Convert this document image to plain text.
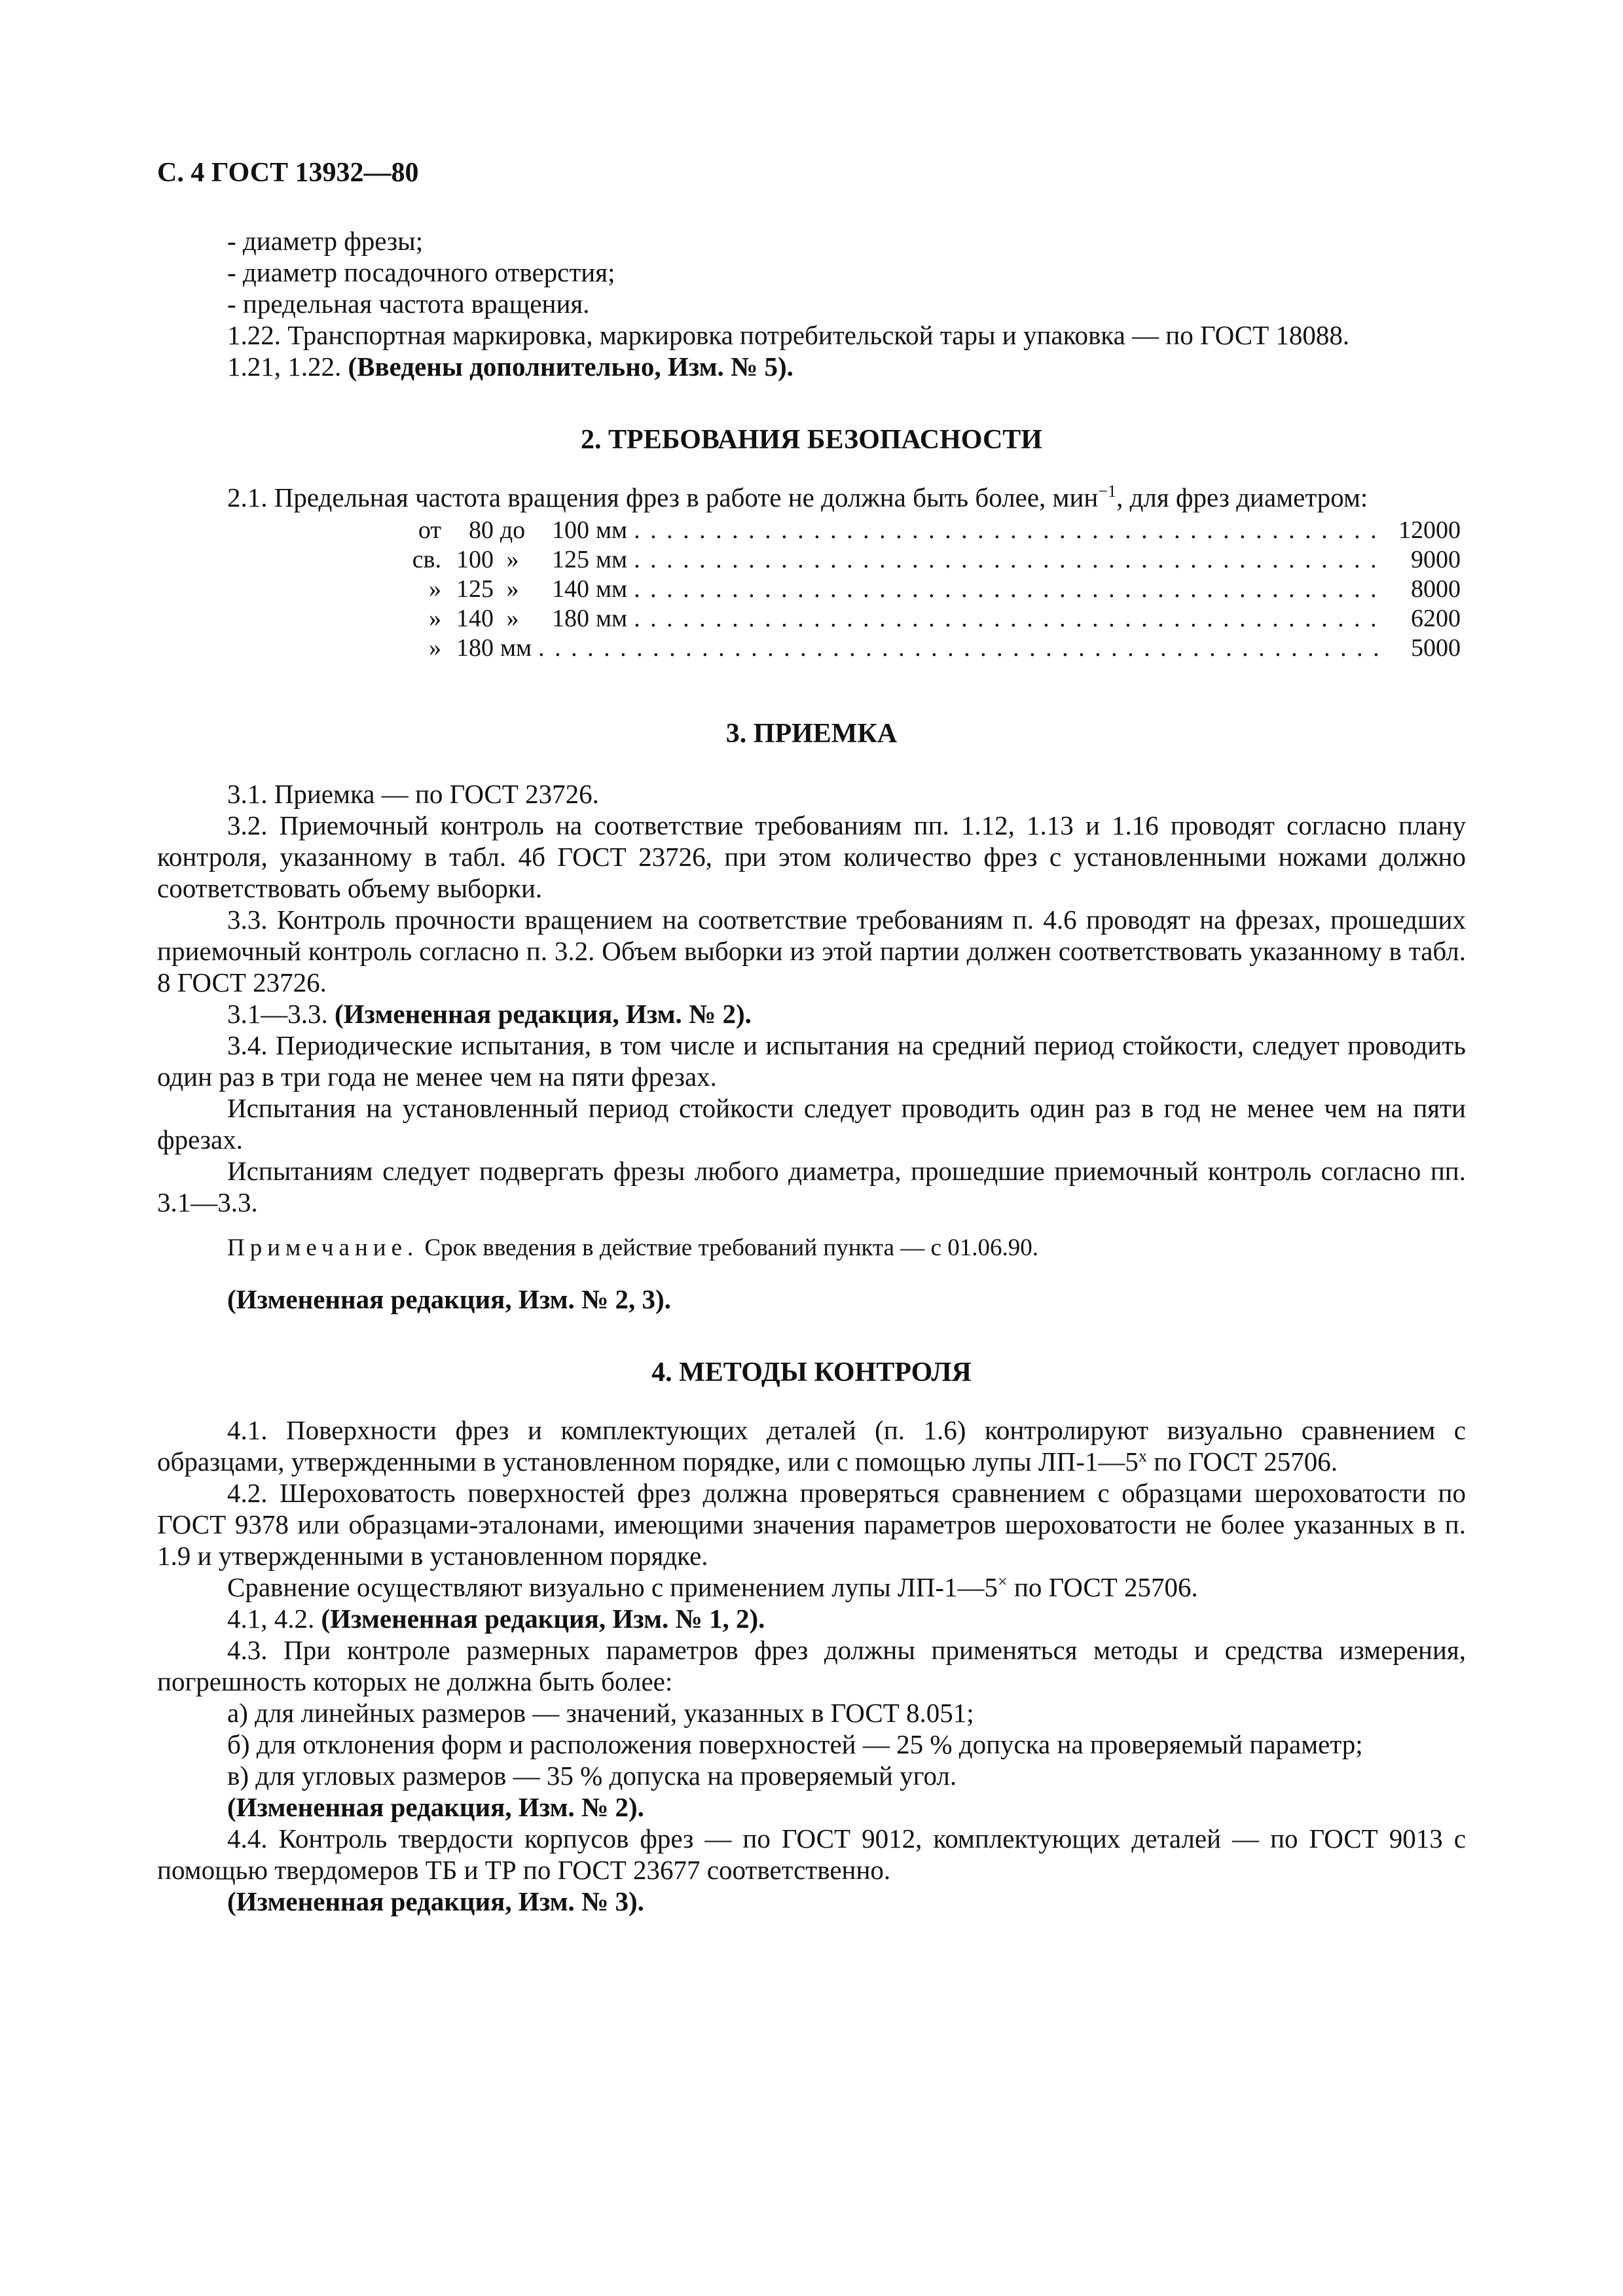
С. 4 ГОСТ 13932—80
- диаметр фрезы;
- диаметр посадочного отверстия;
- предельная частота вращения.
1.22. Транспортная маркировка, маркировка потребительской тары и упаковка — по ГОСТ 18088.
1.21, 1.22. (Введены дополнительно, Изм. № 5).
2. ТРЕБОВАНИЯ БЕЗОПАСНОСТИ
2.1. Предельная частота вращения фрез в работе не должна быть более, мин$^{-1}$, для фрез диаметром:
от	80 до	100 мм . . .	12000
св. 100 »	125 мм . . .	9000
» 125 »	140 мм . . .	8000
» 140 »	180 мм . . .	6200
» 180 мм . . .	5000
3. ПРИЕМКА
3.1. Приемка — по ГОСТ 23726.
3.2. Приемочный контроль на соответствие требованиям пп. 1.12, 1.13 и 1.16 проводят согласно плану контроля, указанному в табл. 4б ГОСТ 23726, при этом количество фрез с установленными ножами должно соответствовать объему выборки.
3.3. Контроль прочности вращением на соответствие требованиям п. 4.6 проводят на фрезах, прошедших приемочный контроль согласно п. 3.2. Объем выборки из этой партии должен соответствовать указанному в табл. 8 ГОСТ 23726.
3.1—3.3. (Измененная редакция, Изм. № 2).
3.4. Периодические испытания, в том числе и испытания на средний период стойкости, следует проводить один раз в три года не менее чем на пяти фрезах.
Испытания на установленный период стойкости следует проводить один раз в год не менее чем на пяти фрезах.
Испытаниям следует подвергать фрезы любого диаметра, прошедшие приемочный контроль согласно пп. 3.1—3.3.
Примечание. Срок введения в действие требований пункта — с 01.06.90.
(Измененная редакция, Изм. № 2, 3).
4. МЕТОДЫ КОНТРОЛЯ
4.1. Поверхности фрез и комплектующих деталей (п. 1.6) контролируют визуально сравнением с образцами, утвержденными в установленном порядке, или с помощью лупы $ЛП-1—5^х$ по ГОСТ 25706.
4.2. Шероховатость поверхностей фрез должна проверяться сравнением с образцами шероховатости по ГОСТ 9378 или образцами-эталонами, имеющими значения параметров шероховатости не более указанных в п. 1.9 и утвержденными в установленном порядке.
Сравнение осуществляют визуально с применением лупы ЛП-1—5× по ГОСТ 25706.
4.1, 4.2. (Измененная редакция, Изм. № 1, 2).
4.3. При контроле размерных параметров фрез должны применяться методы и средства измерения, погрешность которых не должна быть более:
а) для линейных размеров — значений, указанных в ГОСТ 8.051;
б) для отклонения форм и расположения поверхностей — 25 % допуска на проверяемый параметр;
в) для угловых размеров — 35 % допуска на проверяемый угол.
(Измененная редакция, Изм. № 2).
4.4. Контроль твердости корпусов фрез — по ГОСТ 9012, комплектующих деталей — по ГОСТ 9013 с помощью твердомеров ТБ и ТР по ГОСТ 23677 соответственно.
(Измененная редакция, Изм. № 3).
